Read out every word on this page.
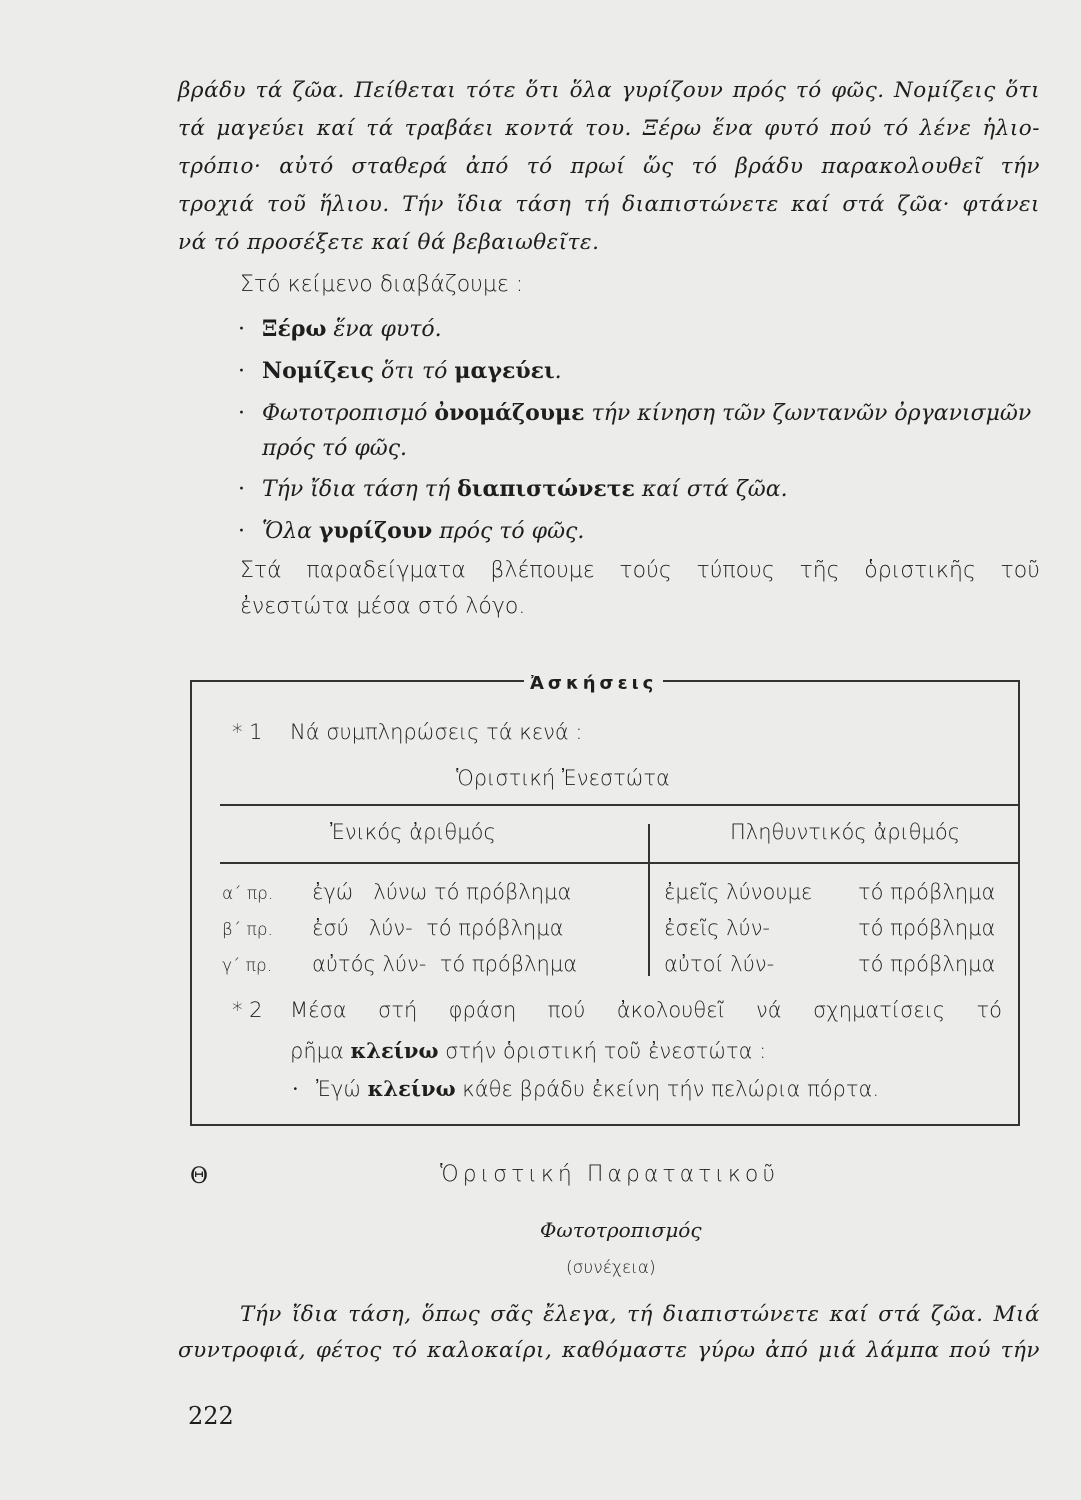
βράδυ τά ζῶα. Πείθεται τότε ὅτι ὅλα γυρίζουν πρός τό φῶς. Νομίζεις ὅτι
τά μαγεύει καί τά τραβάει κοντά του. Ξέρω ἕνα φυτό πού τό λένε ἡλιο-
τρόπιο· αὐτό σταθερά ἀπό τό πρωί ὥς τό βράδυ παρακολουθεῖ τήν
τροχιά τοῦ ἥλιου. Τήν ἴδια τάση τή διαπιστώνετε καί στά ζῶα· φτάνει
νά τό προσέξετε καί θά βεβαιωθεῖτε.
Στό κείμενο διαβάζουμε :
· Ξέρω ἕνα φυτό.
· Νομίζεις ὅτι τό μαγεύει.
· Φωτοτροπισμό ὀνομάζουμε τήν κίνηση τῶν ζωντανῶν ὀργανισμῶν
πρός τό φῶς.
· Τήν ἴδια τάση τή διαπιστώνετε καί στά ζῶα.
· Ὅλα γυρίζουν πρός τό φῶς.
Στά παραδείγματα βλέπουμε τούς τύπους τῆς ὁριστικῆς τοῦ
ἐνεστώτα μέσα στό λόγο.
Ἀσκήσεις
* 1 Νά συμπληρώσεις τά κενά :
Ὁριστική Ἐνεστώτα
Ἐνικός ἀριθμός	Πληθυντικός ἀριθμός
α΄ πρ. ἐγώ   λύνω τό πρόβλημα	ἐμεῖς λύνουμε τό πρόβλημα
β΄ πρ. ἐσύ   λύν-  τό πρόβλημα	ἐσεῖς λύν-	τό πρόβλημα
γ΄ πρ. αὐτός λύν-  τό πρόβλημα	αὐτοί λύν-	τό πρόβλημα
* 2 Μέσα στή φράση πού ἀκολουθεῖ νά σχηματίσεις τό
ρῆμα κλείνω στήν ὁριστική τοῦ ἐνεστώτα :
· Ἐγώ κλείνω κάθε βράδυ ἐκείνη τήν πελώρια πόρτα.
Θ	Ὁριστική Παρατατικοῦ
Φωτοτροπισμός
(συνέχεια)
Τήν ἴδια τάση, ὅπως σᾶς ἔλεγα, τή διαπιστώνετε καί στά ζῶα. Μιά
συντροφιά, φέτος τό καλοκαίρι, καθόμαστε γύρω ἀπό μιά λάμπα πού τήν
222
